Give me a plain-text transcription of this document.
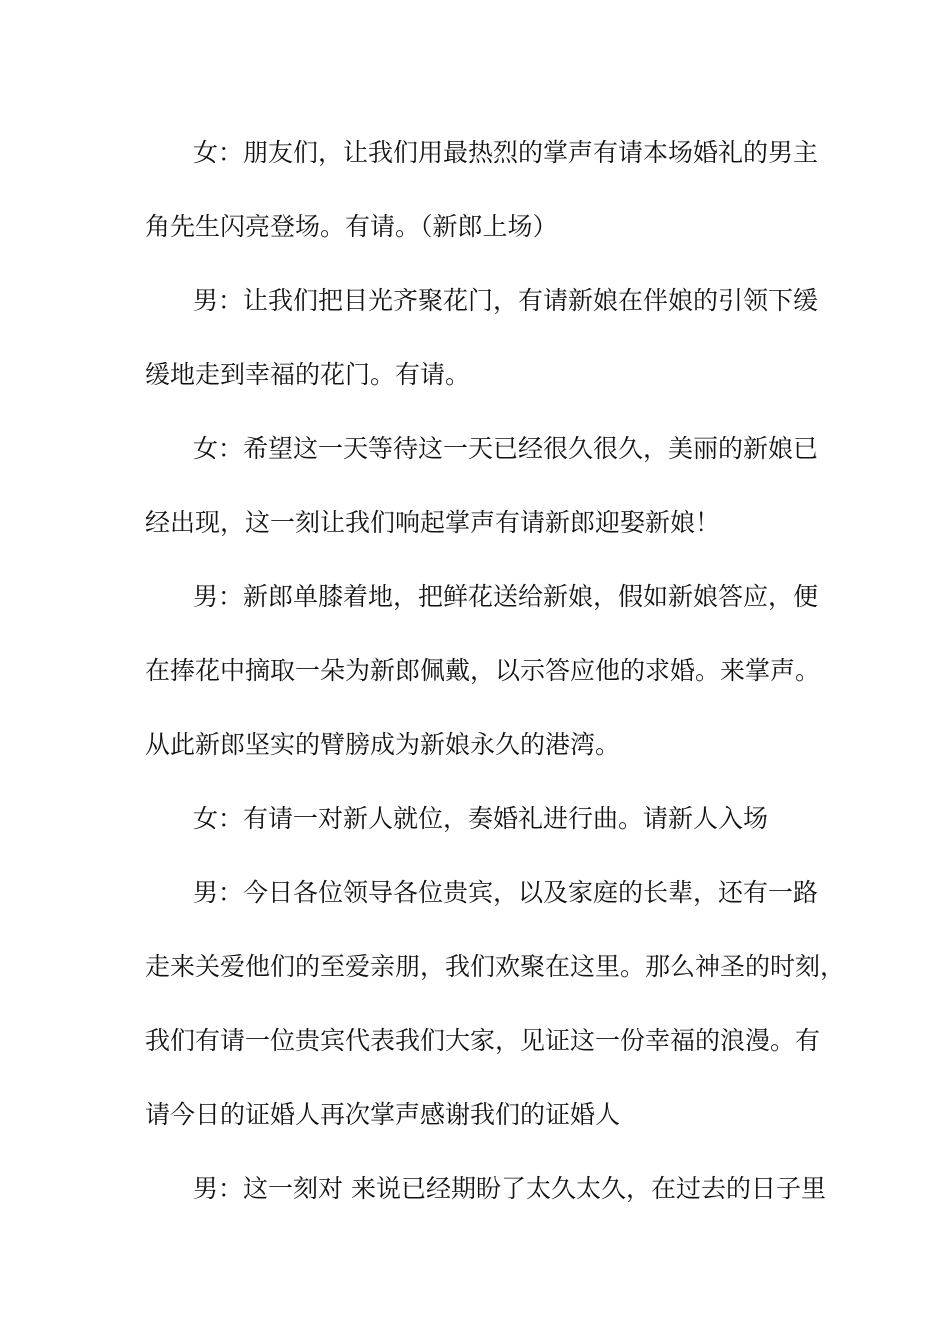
女：朋友们，让我们用最热烈的掌声有请本场婚礼的男主
角先生闪亮登场。有请。（新郎上场）
男：让我们把目光齐聚花门，有请新娘在伴娘的引领下缓
缓地走到幸福的花门。有请。
女：希望这一天等待这一天已经很久很久，美丽的新娘已
经出现，这一刻让我们响起掌声有请新郎迎娶新娘！
男：新郎单膝着地，把鲜花送给新娘，假如新娘答应，便
在捧花中摘取一朵为新郎佩戴，以示答应他的求婚。来掌声。
从此新郎坚实的臂膀成为新娘永久的港湾。
女：有请一对新人就位，奏婚礼进行曲。请新人入场
男：今日各位领导各位贵宾，以及家庭的长辈，还有一路
走来关爱他们的至爱亲朋，我们欢聚在这里。那么神圣的时刻，
我们有请一位贵宾代表我们大家，见证这一份幸福的浪漫。有
请今日的证婚人再次掌声感谢我们的证婚人
男：这一刻对 来说已经期盼了太久太久，在过去的日子里
